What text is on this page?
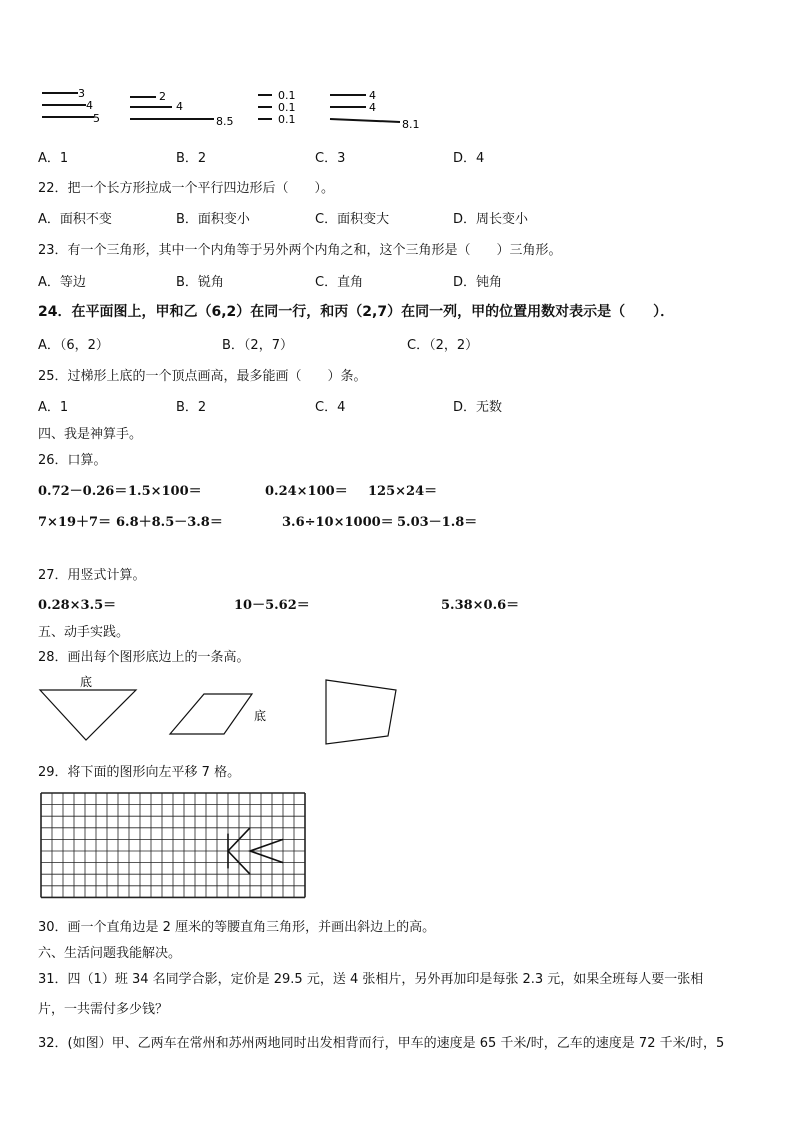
3
4
5
2
4
8.5
0.1
0.1
0.1
4
4
8.1
A．1	B．2	C．3	D．4
22．把一个长方形拉成一个平行四边形后（　　）。
A．面积不变	B．面积变小	C．面积变大	D．周长变小
23．有一个三角形，其中一个内角等于另外两个内角之和，这个三角形是（　　）三角形。
A．等边	B．锐角	C．直角	D．钝角
24．在平面图上，甲和乙（6,2）在同一行，和丙（2,7）在同一列，甲的位置用数对表示是（　　）．
A．（6，2）	B．（2，7）	C．（2，2）
25．过梯形上底的一个顶点画高，最多能画（　　）条。
A．1	B．2	C．4	D．无数
四、我是神算手。
26．口算。
0.72－0.26＝ 1.5×100＝	0.24×100＝ 125×24＝
7×19＋7＝ 6.8＋8.5－3.8＝	3.6÷10×1000＝ 5.03－1.8＝
27．用竖式计算。
0.28×3.5＝	10－5.62＝	5.38×0.6＝
五、动手实践。
28．画出每个图形底边上的一条高。
底
底
29．将下面的图形向左平移 7 格。
30．画一个直角边是 2 厘米的等腰直角三角形，并画出斜边上的高。
六、生活问题我能解决。
31．四（1）班 34 名同学合影，定价是 29.5 元，送 4 张相片，另外再加印是每张 2.3 元，如果全班每人要一张相
片，一共需付多少钱？
32．(如图）甲、乙两车在常州和苏州两地同时出发相背而行，甲车的速度是 65 千米/时，乙车的速度是 72 千米/时，5
